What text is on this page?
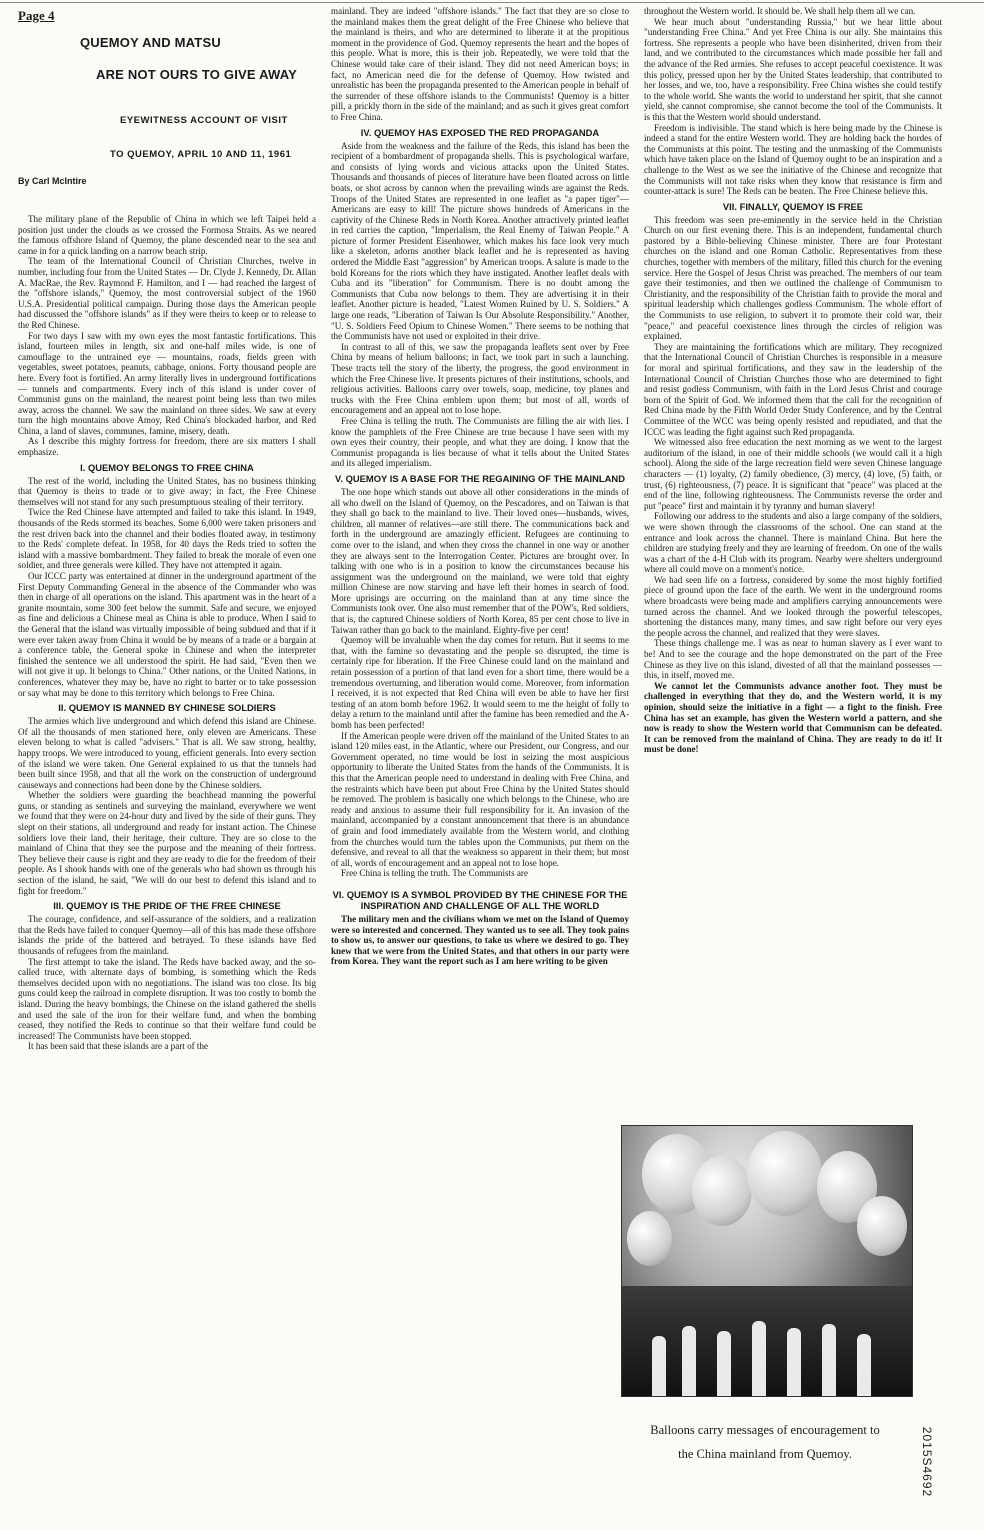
Page 4
QUEMOY AND MATSU
ARE NOT OURS TO GIVE AWAY
EYEWITNESS ACCOUNT OF VISIT
TO QUEMOY, APRIL 10 AND 11, 1961
By Carl McIntire

The military plane of the Republic of China in which we left Taipei held a position just under the clouds as we crossed the Formosa Straits. As we neared the famous offshore Island of Quemoy, the plane descended near to the sea and came in for a quick landing on a narrow beach strip.

The team of the International Council of Christian Churches, twelve in number, including four from the United States — Dr. Clyde J. Kennedy, Dr. Allan A. MacRae, the Rev. Raymond F. Hamilton, and I — had reached the largest of the "offshore islands," Quemoy, the most controversial subject of the 1960 U.S.A. Presidential political campaign. During those days the American people had discussed the "offshore islands" as if they were theirs to keep or to release to the Red Chinese.

For two days I saw with my own eyes the most fantastic fortifications. This island, fourteen miles in length, six and one-half miles wide, is one of camouflage to the untrained eye — mountains, roads, fields green with vegetables, sweet potatoes, peanuts, cabbage, onions. Forty thousand people are here. Every foot is fortified. An army literally lives in underground fortifications — tunnels and compartments. Every inch of this island is under cover of Communist guns on the mainland, the nearest point being less than two miles away, across the channel. We saw the mainland on three sides. We saw at every turn the high mountains above Amoy, Red China's blockaded harbor, and Red China, a land of slaves, communes, famine, misery, death.

As I describe this mighty fortress for freedom, there are six matters I shall emphasize.

I. QUEMOY BELONGS TO FREE CHINA

The rest of the world, including the United States, has no business thinking that Quemoy is theirs to trade or to give away; in fact, the Free Chinese themselves will not stand for any such presumptuous stealing of their territory.

Twice the Red Chinese have attempted and failed to take this island. In 1949, thousands of the Reds stormed its beaches. Some 6,000 were taken prisoners and the rest driven back into the channel and their bodies floated away, in testimony to the Reds' complete defeat. In 1958, for 40 days the Reds tried to soften the island with a massive bombardment. They failed to break the morale of even one soldier, and three generals were killed. They have not attempted it again.

Our ICCC party was entertained at dinner in the underground apartment of the First Deputy Commanding General in the absence of the Commander who was then in charge of all operations on the island. This apartment was in the heart of a granite mountain, some 300 feet below the summit. Safe and secure, we enjoyed as fine and delicious a Chinese meal as China is able to produce. When I said to the General that the island was virtually impossible of being subdued and that if it were ever taken away from China it would be by means of a trade or a bargain at a conference table, the General spoke in Chinese and when the interpreter finished the sentence we all understood the spirit. He had said, "Even then we will not give it up. It belongs to China." Other nations, or the United Nations, in conferences, whatever they may be, have no right to barter or to take possession or say what may be done to this territory which belongs to Free China.

II. QUEMOY IS MANNED BY CHINESE SOLDIERS

The armies which live underground and which defend this island are Chinese. Of all the thousands of men stationed here, only eleven are Americans. These eleven belong to what is called "advisers." That is all. We saw strong, healthy, happy troops. We were introduced to young, efficient generals. Into every section of the island we were taken. One General explained to us that the tunnels had been built since 1958, and that all the work on the construction of underground causeways and connections had been done by the Chinese soldiers.

Whether the soldiers were guarding the beachhead manning the powerful guns, or standing as sentinels and surveying the mainland, everywhere we went we found that they were on 24-hour duty and lived by the side of their guns. They slept on their stations, all underground and ready for instant action. The Chinese soldiers love their land, their heritage, their culture. They are so close to the mainland of China that they see the purpose and the meaning of their fortress. They believe their cause is right and they are ready to die for the freedom of their people. As I shook hands with one of the generals who had shown us through his section of the island, he said, "We will do our best to defend this island and to fight for freedom."

III. QUEMOY IS THE PRIDE OF THE FREE CHINESE

The courage, confidence, and self-assurance of the soldiers, and a realization that the Reds have failed to conquer Quemoy—all of this has made these offshore islands the pride of the battered and betrayed. To these islands have fled thousands of refugees from the mainland.

The first attempt to take the island. The Reds have backed away, and the so-called truce, with alternate days of bombing, is something which the Reds themselves decided upon with no negotiations. The island was too close. Its big guns could keep the railroad in complete disruption. It was too costly to bomb the island. During the heavy bombings, the Chinese on the island gathered the shells and used the sale of the iron for their welfare fund, and when the bombing ceased, they notified the Reds to continue so that their welfare fund could be increased! The Communists have been stopped.

It has been said that these islands are a part of the

mainland. They are indeed "offshore islands." The fact that they are so close to the mainland makes them the great delight of the Free Chinese who believe that the mainland is theirs, and who are determined to liberate it at the propitious moment in the providence of God. Quemoy represents the heart and the hopes of this people. What is more, this is their job. Repeatedly, we were told that the Chinese would take care of their island. They did not need American boys; in fact, no American need die for the defense of Quemoy. How twisted and unrealistic has been the propaganda presented to the American people in behalf of the surrender of these offshore islands to the Communists! Quemoy is a bitter pill, a prickly thorn in the side of the mainland; and as such it gives great comfort to Free China.

IV. QUEMOY HAS EXPOSED THE RED PROPAGANDA

Aside from the weakness and the failure of the Reds, this island has been the recipient of a bombardment of propaganda shells. This is psychological warfare, and consists of lying words and vicious attacks upon the United States. Thousands and thousands of pieces of literature have been floated across on little boats, or shot across by cannon when the prevailing winds are against the Reds. Troops of the United States are represented in one leaflet as "a paper tiger"—Americans are easy to kill! The picture shows hundreds of Americans in the captivity of the Chinese Reds in North Korea. Another attractively printed leaflet in red carries the caption, "Imperialism, the Real Enemy of Taiwan People." A picture of former President Eisenhower, which makes his face look very much like a skeleton, adorns another black leaflet and he is represented as having ordered the Middle East "aggression" by American troops. A salute is made to the bold Koreans for the riots which they have instigated. Another leaflet deals with Cuba and its "liberation" for Communism. There is no doubt among the Communists that Cuba now belongs to them. They are advertising it in their leaflet. Another picture is headed, "Latest Women Ruined by U. S. Soldiers." A large one reads, "Liberation of Taiwan Is Our Absolute Responsibility." Another, "U. S. Soldiers Feed Opium to Chinese Women." There seems to be nothing that the Communists have not used or exploited in their drive.

In contrast to all of this, we saw the propaganda leaflets sent over by Free China by means of helium balloons; in fact, we took part in such a launching. These tracts tell the story of the liberty, the progress, the good environment in which the Free Chinese live. It presents pictures of their institutions, schools, and religious activities. Balloons carry over towels, soap, medicine, toy planes and trucks with the Free China emblem upon them; but most of all, words of encouragement and an appeal not to lose hope.

Free China is telling the truth. The Communists are filling the air with lies. I know the pamphlets of the Free Chinese are true because I have seen with my own eyes their country, their people, and what they are doing. I know that the Communist propaganda is lies because of what it tells about the United States and its alleged imperialism.

V. QUEMOY IS A BASE FOR THE REGAINING OF THE MAINLAND

The one hope which stands out above all other considerations in the minds of all who dwell on the Island of Quemoy, on the Pescadores, and on Taiwan is that they shall go back to the mainland to live. Their loved ones—husbands, wives, children, all manner of relatives—are still there. The communications back and forth in the underground are amazingly efficient. Refugees are continuing to come over to the island, and when they cross the channel in one way or another they are always sent to the Interrogation Center. Pictures are brought over. In talking with one who is in a position to know the circumstances because his assignment was the underground on the mainland, we were told that eighty million Chinese are now starving and have left their homes in search of food. More uprisings are occurring on the mainland than at any time since the Communists took over. One also must remember that of the POW's, Red soldiers, that is, the captured Chinese soldiers of North Korea, 85 per cent chose to live in Taiwan rather than go back to the mainland. Eighty-five per cent!

Quemoy will be invaluable when the day comes for return. But it seems to me that, with the famine so devastating and the people so disrupted, the time is certainly ripe for liberation. If the Free Chinese could land on the mainland and retain possession of a portion of that land even for a short time, there would be a tremendous overturning, and liberation would come. Moreover, from information I received, it is not expected that Red China will even be able to have her first testing of an atom bomb before 1962. It would seem to me the height of folly to delay a return to the mainland until after the famine has been remedied and the A-bomb has been perfected!

If the American people were driven off the mainland of the United States to an island 120 miles east, in the Atlantic, where our President, our Congress, and our Government operated, no time would be lost in seizing the most auspicious opportunity to liberate the United States from the hands of the Communists. It is this that the American people need to understand in dealing with Free China, and the restraints which have been put about Free China by the United States should be removed. The problem is basically one which belongs to the Chinese, who are ready and anxious to assume their full responsibility for it. An invasion of the mainland, accompanied by a constant announcement that there is an abundance of grain and food immediately available from the Western world, and clothing from the churches would turn the tables upon the Communists, put them on the defensive, and reveal to all that the weakness so apparent in their them; but most of all, words of encouragement and an appeal not to lose hope.

Free China is telling the truth. The Communists are

VI. QUEMOY IS A SYMBOL PROVIDED BY THE CHINESE FOR THE INSPIRATION AND CHALLENGE OF ALL THE WORLD

The military men and the civilians whom we met on the Island of Quemoy were so interested and concerned. They wanted us to see all. They took pains to show us, to answer our questions, to take us where we desired to go. They knew that we were from the United States, and that others in our party were from Korea. They want the report such as I am here writing to be given

throughout the Western world. It should be. We shall help them all we can.

We hear much about "understanding Russia," but we hear little about "understanding Free China." And yet Free China is our ally. She maintains this fortress. She represents a people who have been disinherited, driven from their land, and we contributed to the circumstances which made possible her fall and the advance of the Red armies. She refuses to accept peaceful coexistence. It was this policy, pressed upon her by the United States leadership, that contributed to her losses, and we, too, have a responsibility. Free China wishes she could testify to the whole world. She wants the world to understand her spirit, that she cannot yield, she cannot compromise, she cannot become the tool of the Communists. It is this that the Western world should understand.

Freedom is indivisible. The stand which is here being made by the Chinese is indeed a stand for the entire Western world. They are holding back the hordes of the Communists at this point. The testing and the unmasking of the Communists which have taken place on the Island of Quemoy ought to be an inspiration and a challenge to the West as we see the initiative of the Chinese and recognize that the Communists will not take risks when they know that resistance is firm and counter-attack is sure! The Reds can be beaten. The Free Chinese believe this.

VII. FINALLY, QUEMOY IS FREE

This freedom was seen pre-eminently in the service held in the Christian Church on our first evening there. This is an independent, fundamental church pastored by a Bible-believing Chinese minister. There are four Protestant churches on the island and one Roman Catholic. Representatives from these churches, together with members of the military, filled this church for the evening service. Here the Gospel of Jesus Christ was preached. The members of our team gave their testimonies, and then we outlined the challenge of Communism to Christianity, and the responsibility of the Christian faith to provide the moral and spiritual leadership which challenges godless Communism. The whole effort of the Communists to use religion, to subvert it to promote their cold war, their "peace," and peaceful coexistence lines through the circles of religion was explained.

They are maintaining the fortifications which are military. They recognized that the International Council of Christian Churches is responsible in a measure for moral and spiritual fortifications, and they saw in the leadership of the International Council of Christian Churches those who are determined to fight and resist godless Communism, with faith in the Lord Jesus Christ and courage born of the Spirit of God. We informed them that the call for the recognition of Red China made by the Fifth World Order Study Conference, and by the Central Committee of the WCC was being openly resisted and repudiated, and that the ICCC was leading the fight against such Red propaganda.

We witnessed also free education the next morning as we went to the largest auditorium of the island, in one of their middle schools (we would call it a high school). Along the side of the large recreation field were seven Chinese language characters — (1) loyalty, (2) family obedience, (3) mercy, (4) love, (5) faith, or trust, (6) righteousness, (7) peace. It is significant that "peace" was placed at the end of the line, following righteousness. The Communists reverse the order and put "peace" first and maintain it by tyranny and human slavery!

Following our address to the students and also a large company of the soldiers, we were shown through the classrooms of the school. One can stand at the entrance and look across the channel. There is mainland China. But here the children are studying freely and they are learning of freedom. On one of the walls was a chart of the 4-H Club with its program. Nearby were shelters underground where all could move on a moment's notice.

We had seen life on a fortress, considered by some the most highly fortified piece of ground upon the face of the earth. We went in the underground rooms where broadcasts were being made and amplifiers carrying announcements were turned across the channel. And we looked through the powerful telescopes, shortening the distances many, many times, and saw right before our very eyes the people across the channel, and realized that they were slaves.

These things challenge me. I was as near to human slavery as I ever want to be! And to see the courage and the hope demonstrated on the part of the Free Chinese as they live on this island, divested of all that the mainland possesses — this, in itself, moved me.

We cannot let the Communists advance another foot. They must be challenged in everything that they do, and the Western world, it is my opinion, should seize the initiative in a fight — a fight to the finish. Free China has set an example, has given the Western world a pattern, and she now is ready to show the Western world that Communism can be defeated. It can be removed from the mainland of China. They are ready to do it! It must be done!

Balloons carry messages of encouragement to
the China mainland from Quemoy.	2015S4692
